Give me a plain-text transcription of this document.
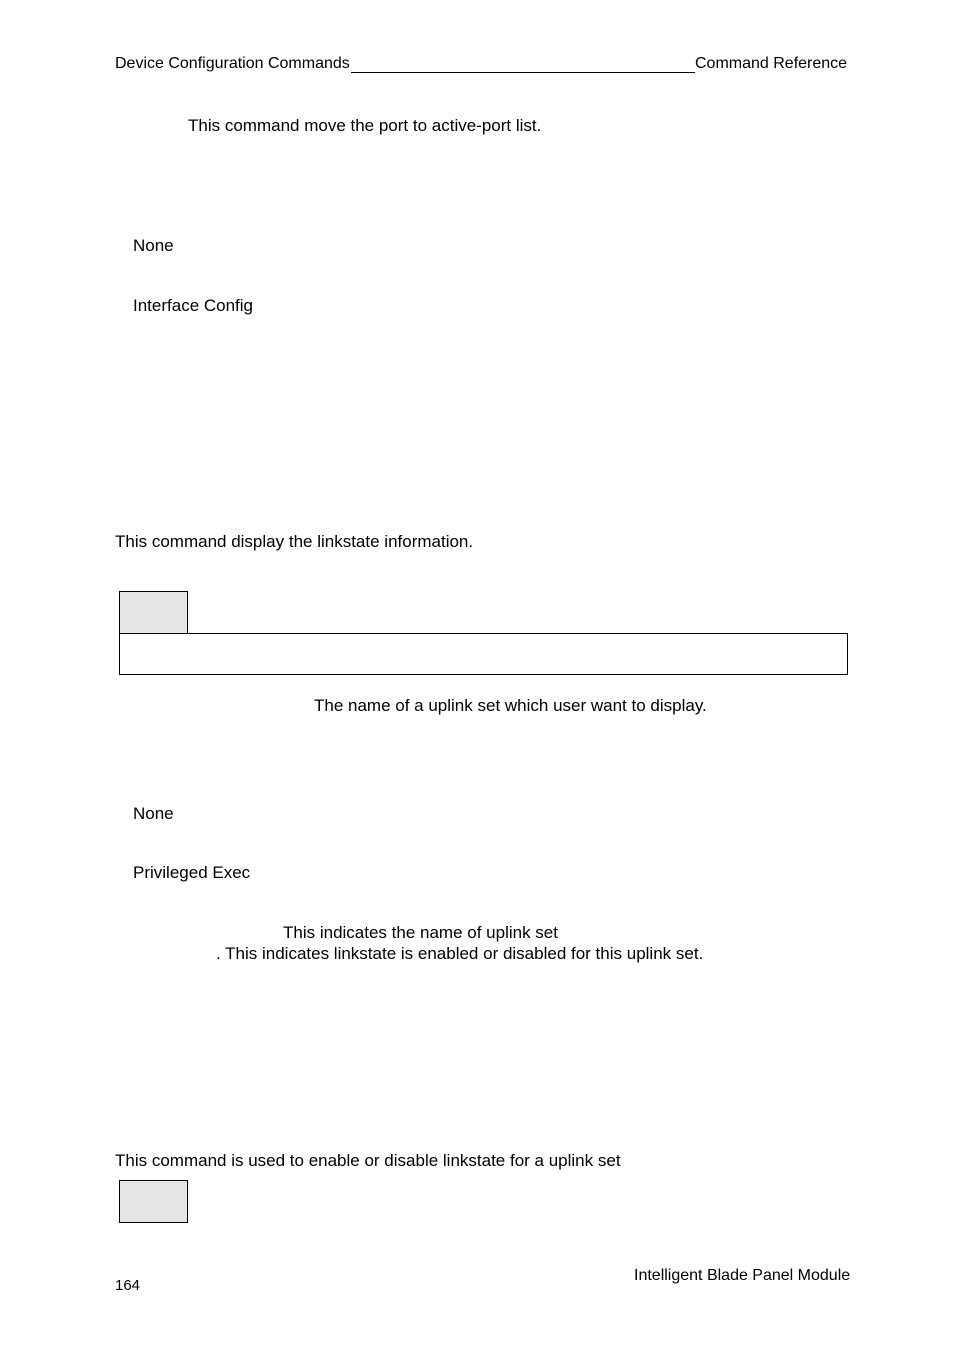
Device Configuration Commands	Command Reference
This command move the port to active-port list.
None
Interface Config
This command display the linkstate information.
The name of a uplink set which user want to display.
None
Privileged Exec
This indicates the name of uplink set
. This indicates linkstate is enabled or disabled for this uplink set.
This command is used to enable or disable linkstate for a uplink set
Intelligent Blade Panel Module
164
